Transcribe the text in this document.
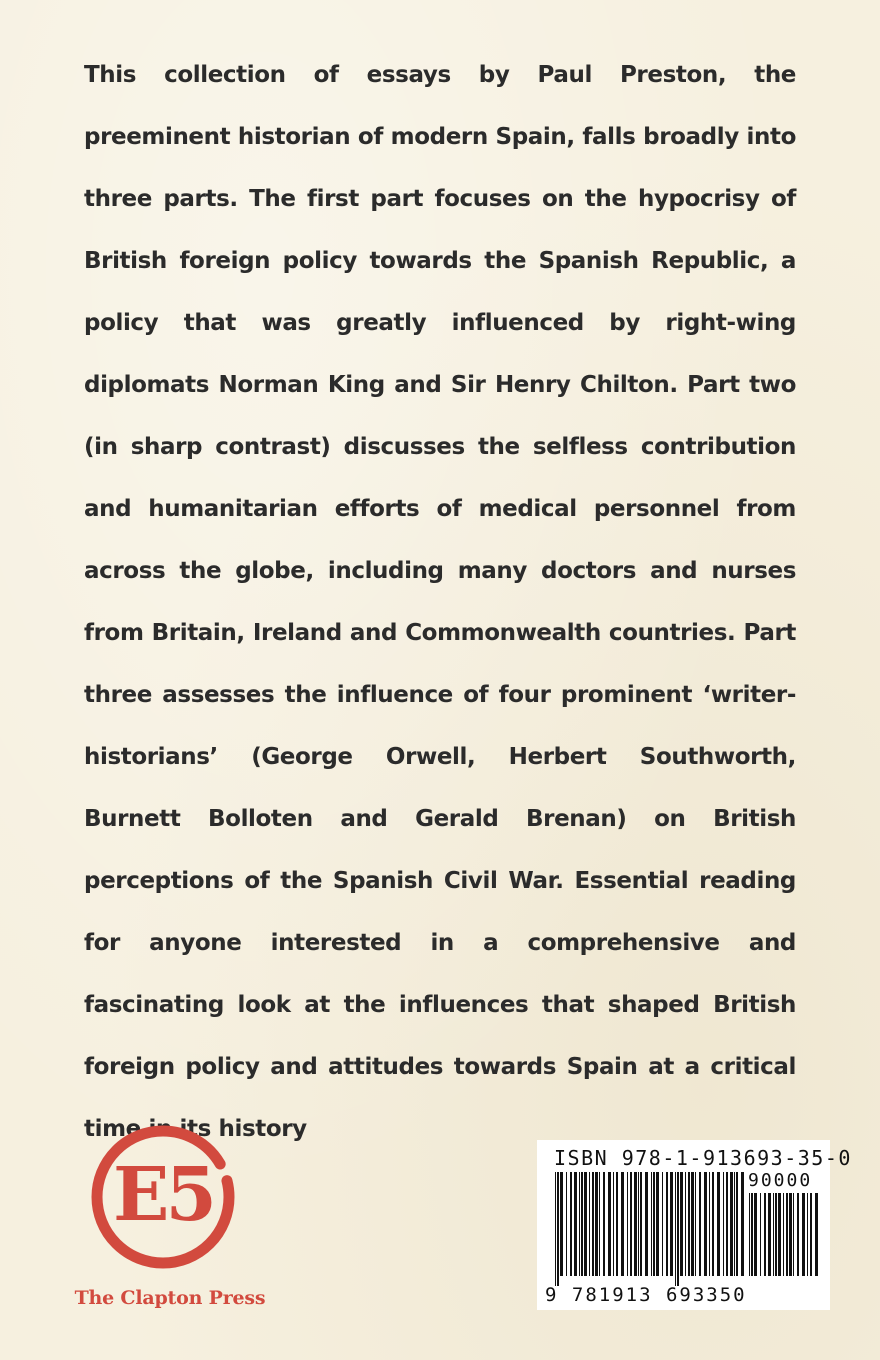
This collection of essays by Paul Preston, the preeminent historian of modern Spain, falls broadly into three parts. The first part focuses on the hypocrisy of British foreign policy towards the Spanish Republic, a policy that was greatly influenced by right-wing diplomats Norman King and Sir Henry Chilton. Part two (in sharp contrast) discusses the selfless contribution and humanitarian efforts of medical personnel from across the globe, including many doctors and nurses from Britain, Ireland and Commonwealth countries. Part three assesses the influence of four prominent ‘writer-historians’ (George Orwell, Herbert Southworth, Burnett Bolloten and Gerald Brenan) on British perceptions of the Spanish Civil War. Essential reading for anyone interested in a comprehensive and fascinating look at the influences that shaped British foreign policy and attitudes towards Spain at a critical time in its history

E5
The Clapton Press
ISBN 978-1-913693-35-0
90000
9 781913 693350
